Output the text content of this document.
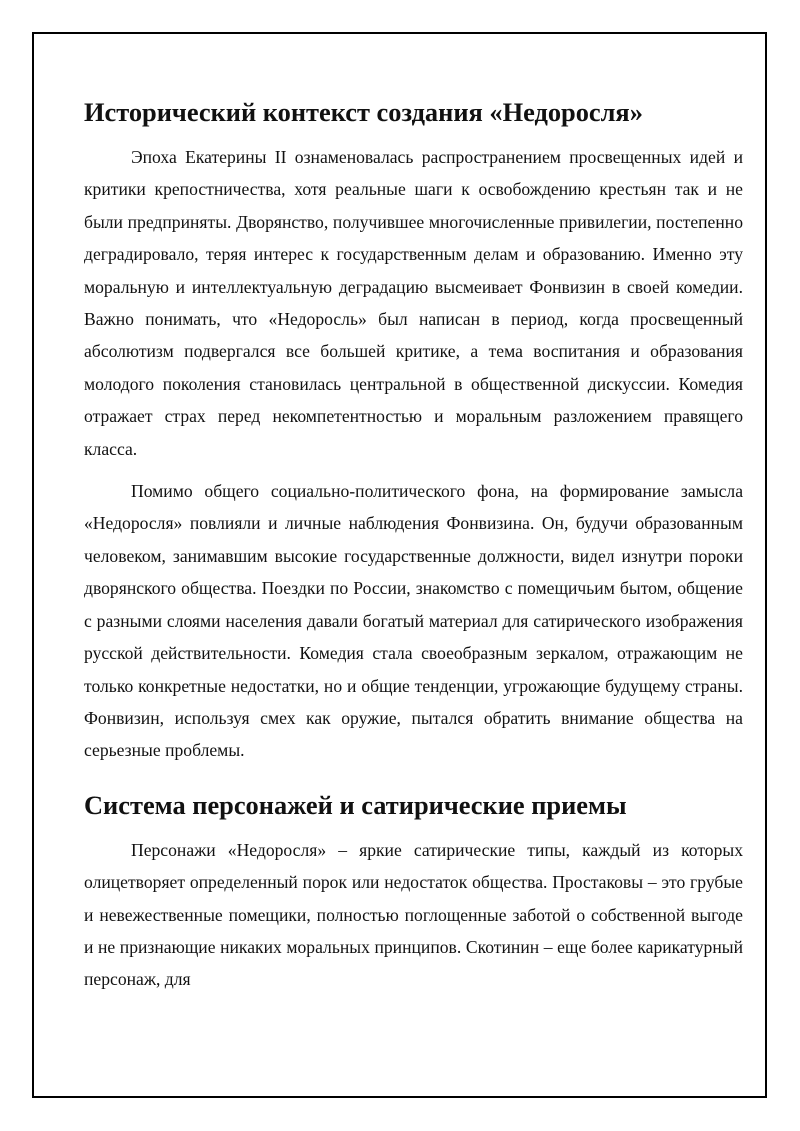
Исторический контекст создания «Недоросля»

Эпоха Екатерины II ознаменовалась распространением просвещенных идей и критики крепостничества, хотя реальные шаги к освобождению крестьян так и не были предприняты. Дворянство, получившее многочисленные привилегии, постепенно деградировало, теряя интерес к государственным делам и образованию. Именно эту моральную и интеллектуальную деградацию высмеивает Фонвизин в своей комедии. Важно понимать, что «Недоросль» был написан в период, когда просвещенный абсолютизм подвергался все большей критике, а тема воспитания и образования молодого поколения становилась центральной в общественной дискуссии. Комедия отражает страх перед некомпетентностью и моральным разложением правящего класса.

Помимо общего социально-политического фона, на формирование замысла «Недоросля» повлияли и личные наблюдения Фонвизина. Он, будучи образованным человеком, занимавшим высокие государственные должности, видел изнутри пороки дворянского общества. Поездки по России, знакомство с помещичьим бытом, общение с разными слоями населения давали богатый материал для сатирического изображения русской действительности. Комедия стала своеобразным зеркалом, отражающим не только конкретные недостатки, но и общие тенденции, угрожающие будущему страны. Фонвизин, используя смех как оружие, пытался обратить внимание общества на серьезные проблемы.

Система персонажей и сатирические приемы

Персонажи «Недоросля» – яркие сатирические типы, каждый из которых олицетворяет определенный порок или недостаток общества. Простаковы – это грубые и невежественные помещики, полностью поглощенные заботой о собственной выгоде и не признающие никаких моральных принципов. Скотинин – еще более карикатурный персонаж, для
